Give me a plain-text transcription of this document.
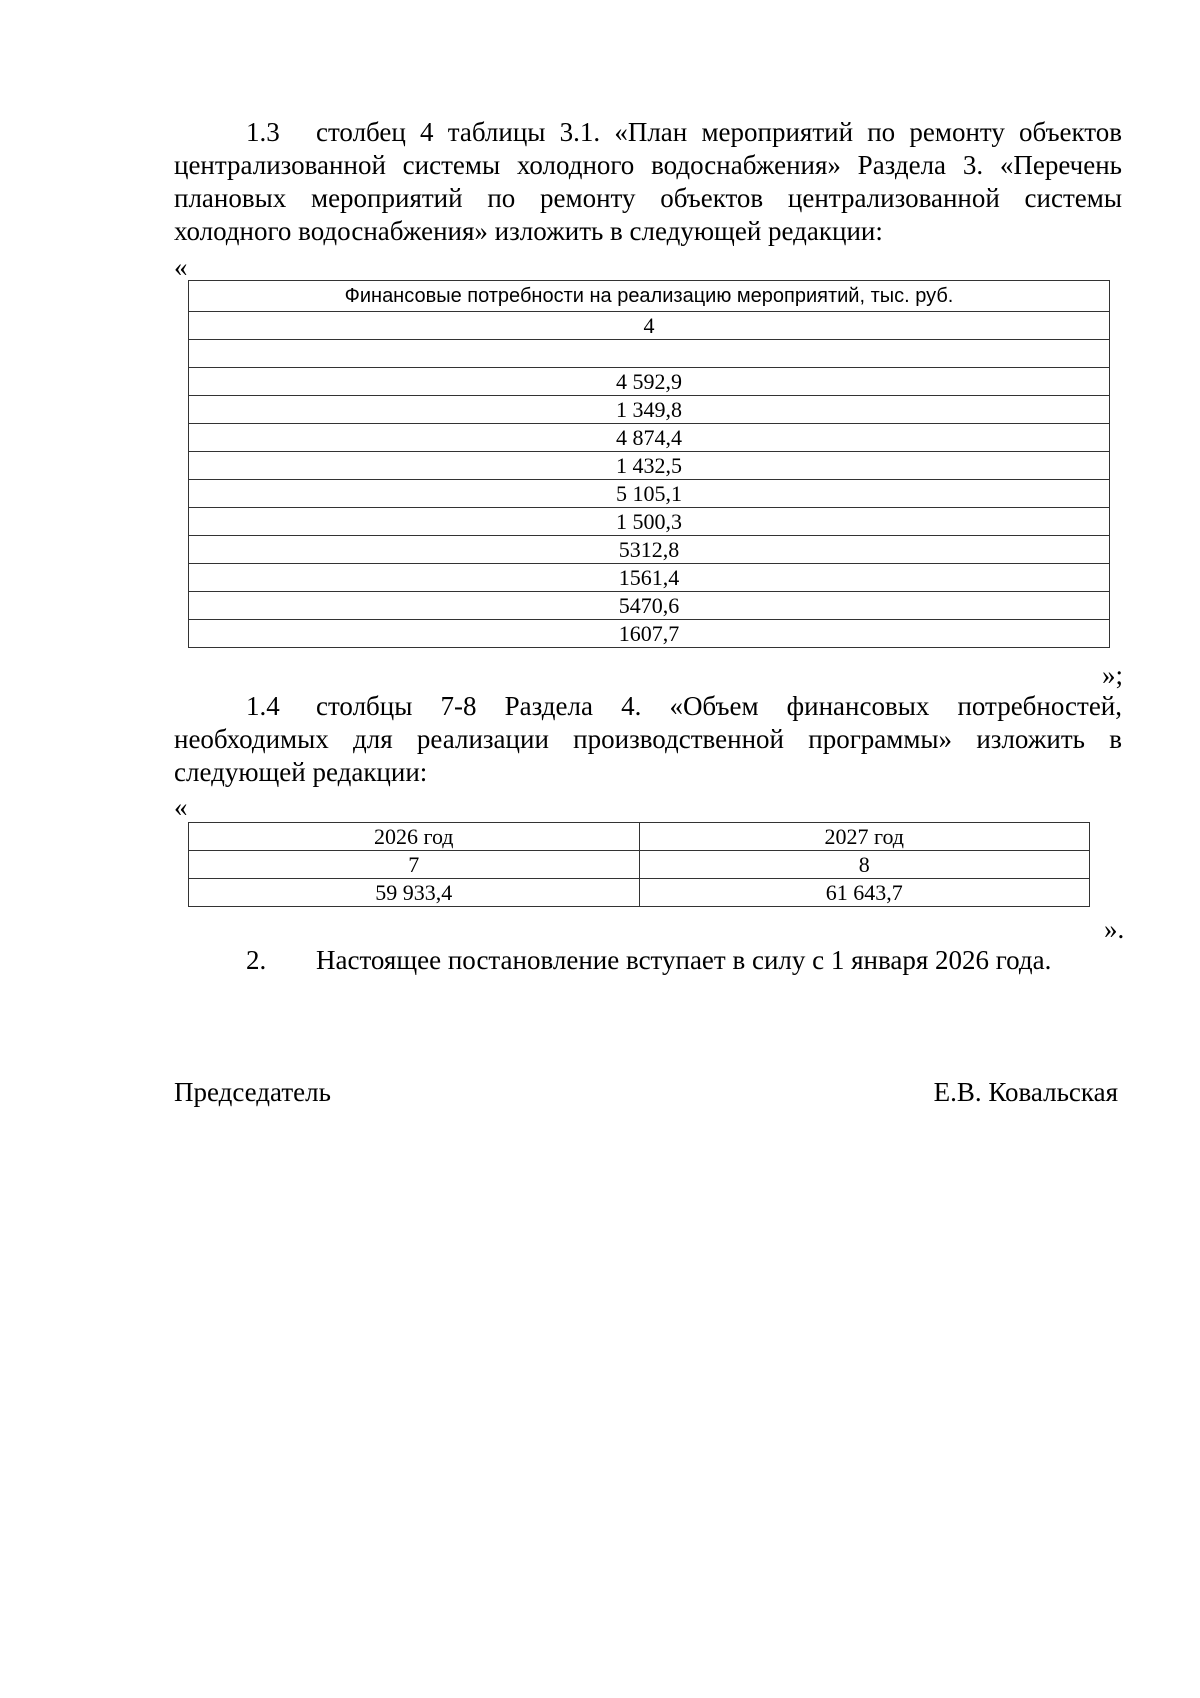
1.3 столбец 4 таблицы 3.1. «План мероприятий по ремонту объектов централизованной системы холодного водоснабжения» Раздела 3. «Перечень плановых мероприятий по ремонту объектов централизованной системы холодного водоснабжения» изложить в следующей редакции:
«
Финансовые потребности на реализацию мероприятий, тыс. руб.
4

4 592,9
1 349,8
4 874,4
1 432,5
5 105,1
1 500,3
5312,8
1561,4
5470,6
1607,7
»;
1.4 столбцы 7-8 Раздела 4. «Объем финансовых потребностей, необходимых для реализации производственной программы» изложить в следующей редакции:
«
2026 год	2027 год
7	8
59 933,4	61 643,7
».
2. Настоящее постановление вступает в силу с 1 января 2026 года.
Председатель	Е.В. Ковальская
